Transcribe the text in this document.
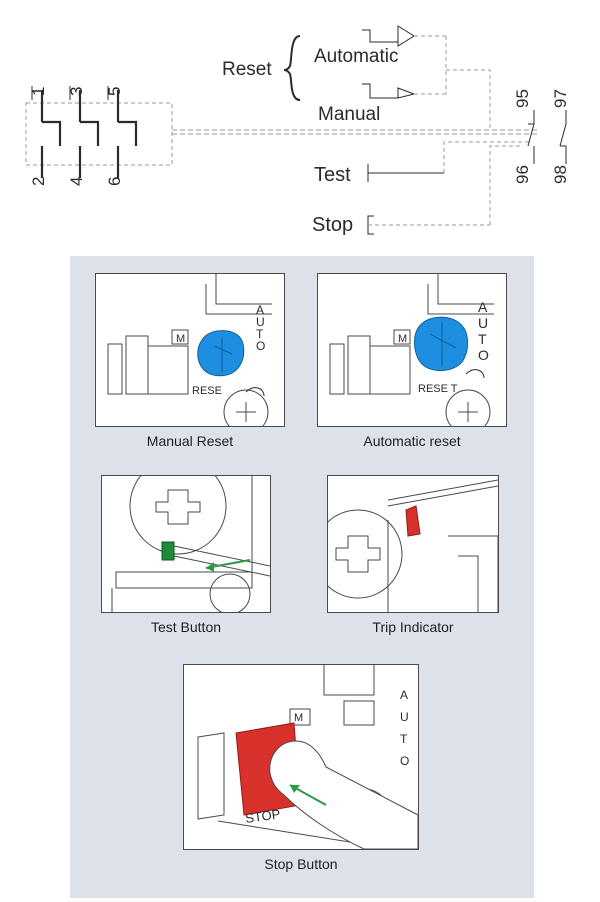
1 3 5
2 4 6
Reset
Automatic
Manual
Test
Stop
95 97
96 98
M
RESE
A
U
T
O
Manual Reset
M
RESE T
A
U
T
O
Automatic reset
Test Button	Trip Indicator
STOP
M
A
U
T
O
Stop Button
